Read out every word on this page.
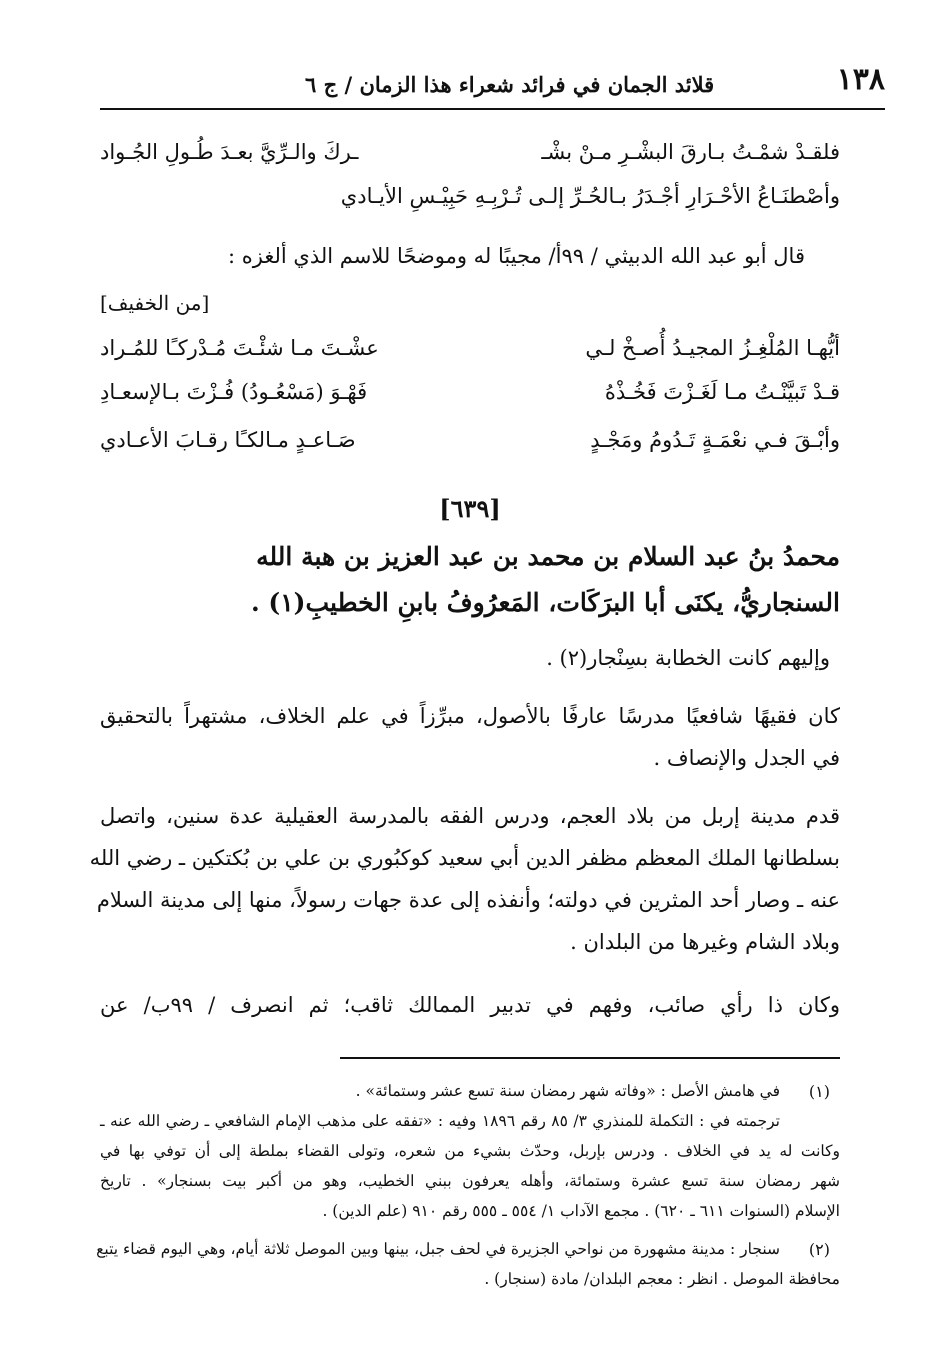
١٣٨
قلائد الجمان في فرائد شعراء هذا الزمان / ج ٦
فلقـدْ شمْـتُ بـارقَ البشْـرِ مـنْ بشْـ
ـركَ والـرِّيَّ بعـدَ طُـولِ الجُـواد
وأصْطنَـاعُ الأحْـرَارِ أجْـدَرُ بـالحُـرِّ إلـى تُـرْبِـهِ حَبِيْـسِ الأيـادي
قال أبو عبد الله الدبيثي / ٩٩أ/ مجيبًا له وموضحًا للاسم الذي ألغزه :
[من الخفيف]
أيُّهـا المُلْغِـزُ المجيـدُ أُصـخْ لـي
عشْـتَ مـا شئْـتَ مُـدْركـًا للمُـراد
قـدْ تَبيَّنْـتُ مـا لَغَـزْتَ فَخُـذْهُ
فَهْـوَ (مَسْعُـودُ) فُـزْتَ بـالإسعـادِ
وأبْـقَ فـي نعْمَـةٍ تَـدُومُ ومَجْـدٍ
صَـاعـدٍ مـالكـًا رقـابَ الأعـادي
[٦٣٩]
محمدُ بنُ عبد السلام بن محمد بن عبد العزيز بن هبة الله
السنجاريُّ، يكنَى أبا البرَكَات، المَعرُوفُ بابنِ الخطيبِ(١) .
وإليهم كانت الخطابة بسِنْجار(٢) .
كان فقيهًا شافعيًا مدرسًا عارفًا بالأصول، مبرِّزاً في علم الخلاف، مشتهراً بالتحقيق
في الجدل والإنصاف .
قدم مدينة إربل من بلاد العجم، ودرس الفقه بالمدرسة العقيلية عدة سنين، واتصل
بسلطانها الملك المعظم مظفر الدين أبي سعيد كوكبُوري بن علي بن بُكتكين ـ رضي الله
عنه ـ وصار أحد المثرين في دولته؛ وأنفذه إلى عدة جهات رسولاً، منها إلى مدينة السلام
وبلاد الشام وغيرها من البلدان .
وكان ذا رأي صائب، وفهم في تدبير الممالك ثاقب؛ ثم انصرف / ٩٩ب/ عن
(١)
في هامش الأصل : «وفاته شهر رمضان سنة تسع عشر وستمائة» .
ترجمته في : التكملة للمنذري ٣/ ٨٥ رقم ١٨٩٦ وفيه : «تفقه على مذهب الإمام الشافعي ـ رضي الله عنه ـ
وكانت له يد في الخلاف . ودرس بإربل، وحدّث بشيء من شعره، وتولى القضاء بملطة إلى أن توفي بها في
شهر رمضان سنة تسع عشرة وستمائة، وأهله يعرفون ببني الخطيب، وهو من أكبر بيت بسنجار» . تاريخ
الإسلام (السنوات ٦١١ ـ ٦٢٠) . مجمع الآداب ١/ ٥٥٤ ـ ٥٥٥ رقم ٩١٠ (علم الدين) .
(٢)
سنجار : مدينة مشهورة من نواحي الجزيرة في لحف جبل، بينها وبين الموصل ثلاثة أيام، وهي اليوم قضاء يتبع
محافظة الموصل . انظر : معجم البلدان/ مادة (سنجار) .
